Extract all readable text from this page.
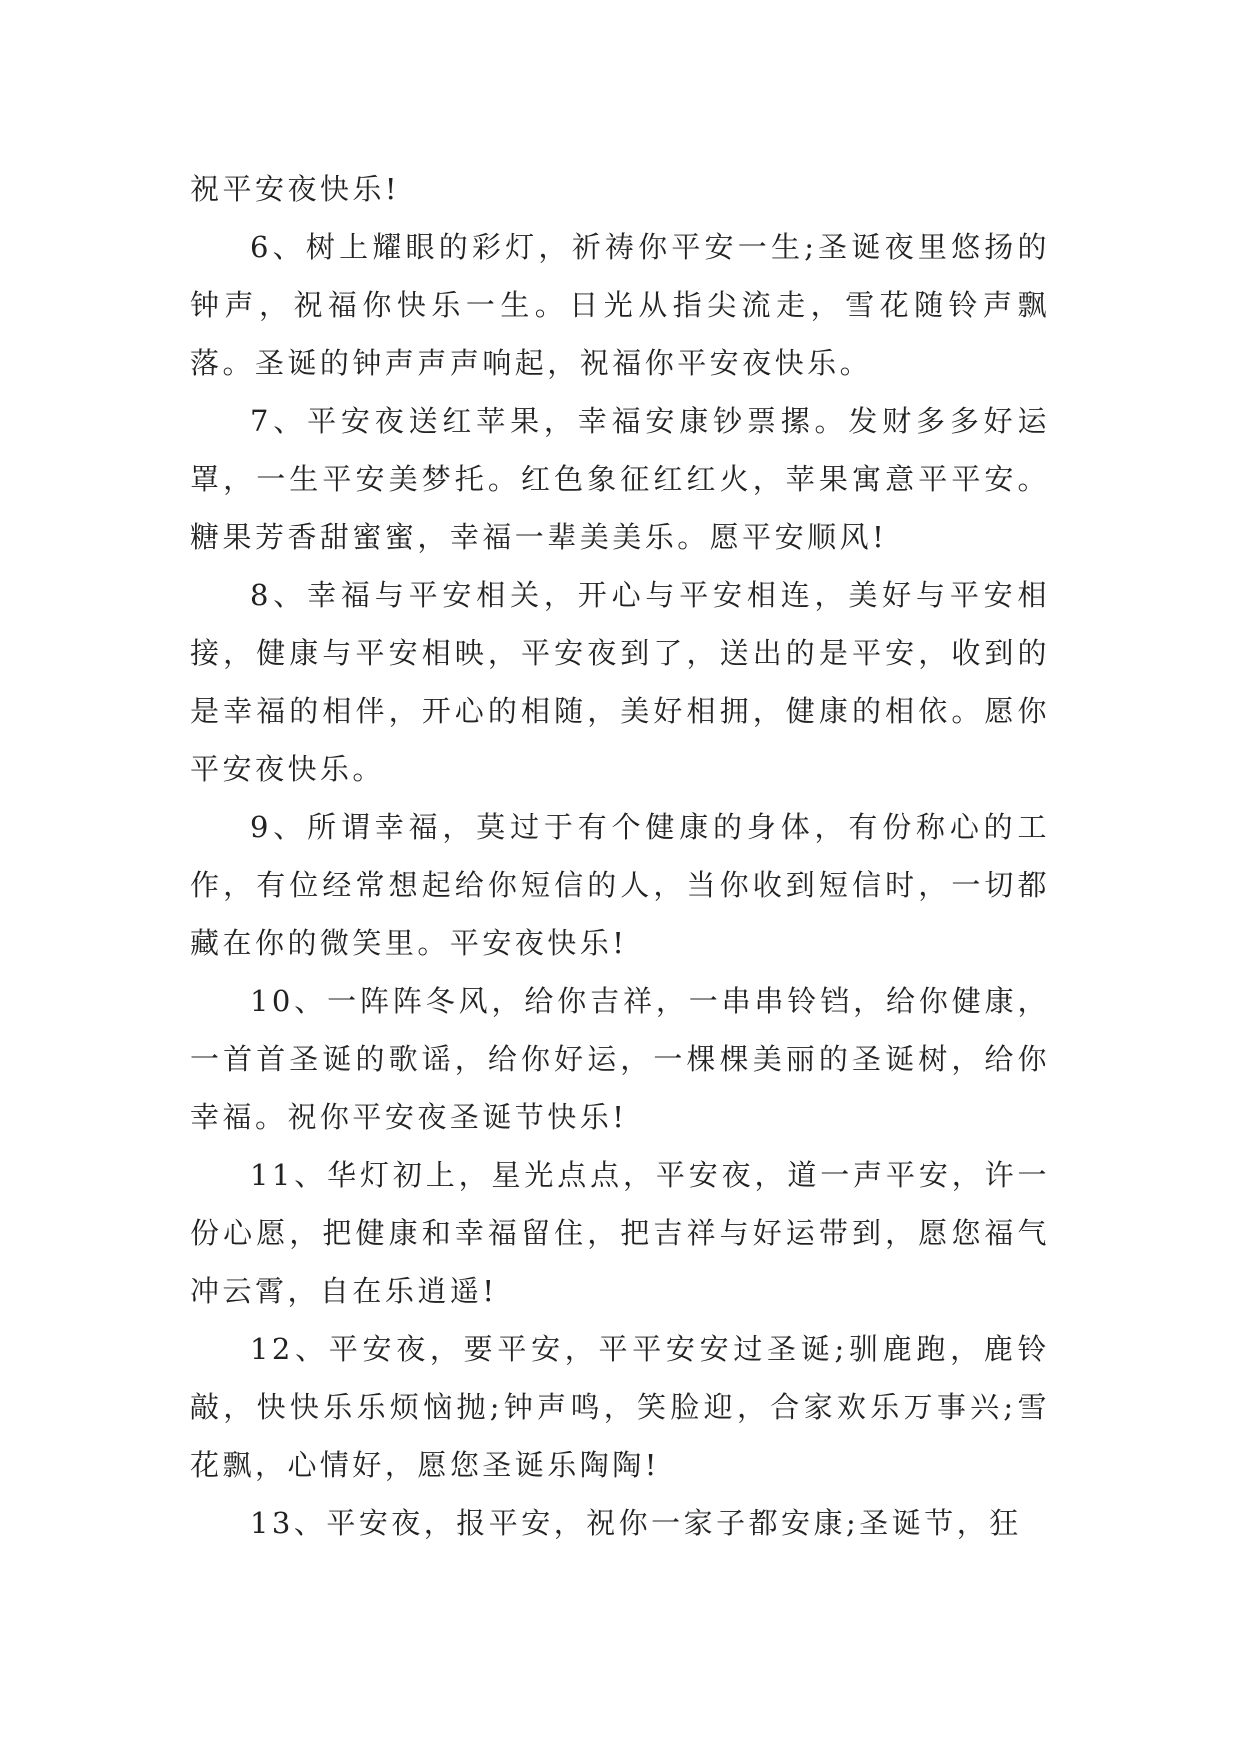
祝平安夜快乐!

6、树上耀眼的彩灯，祈祷你平安一生;圣诞夜里悠扬的钟声，祝福你快乐一生。日光从指尖流走，雪花随铃声飘落。圣诞的钟声声声响起，祝福你平安夜快乐。

7、平安夜送红苹果，幸福安康钞票摞。发财多多好运罩，一生平安美梦托。红色象征红红火，苹果寓意平平安。糖果芳香甜蜜蜜，幸福一辈美美乐。愿平安顺风!

8、幸福与平安相关，开心与平安相连，美好与平安相接，健康与平安相映，平安夜到了，送出的是平安，收到的是幸福的相伴，开心的相随，美好相拥，健康的相依。愿你平安夜快乐。

9、所谓幸福，莫过于有个健康的身体，有份称心的工作，有位经常想起给你短信的人，当你收到短信时，一切都藏在你的微笑里。平安夜快乐!

10、一阵阵冬风，给你吉祥，一串串铃铛，给你健康，一首首圣诞的歌谣，给你好运，一棵棵美丽的圣诞树，给你幸福。祝你平安夜圣诞节快乐!

11、华灯初上，星光点点，平安夜，道一声平安，许一份心愿，把健康和幸福留住，把吉祥与好运带到，愿您福气冲云霄，自在乐逍遥!

12、平安夜，要平安，平平安安过圣诞;驯鹿跑，鹿铃敲，快快乐乐烦恼抛;钟声鸣，笑脸迎，合家欢乐万事兴;雪花飘，心情好，愿您圣诞乐陶陶!

13、平安夜，报平安，祝你一家子都安康;圣诞节，狂
